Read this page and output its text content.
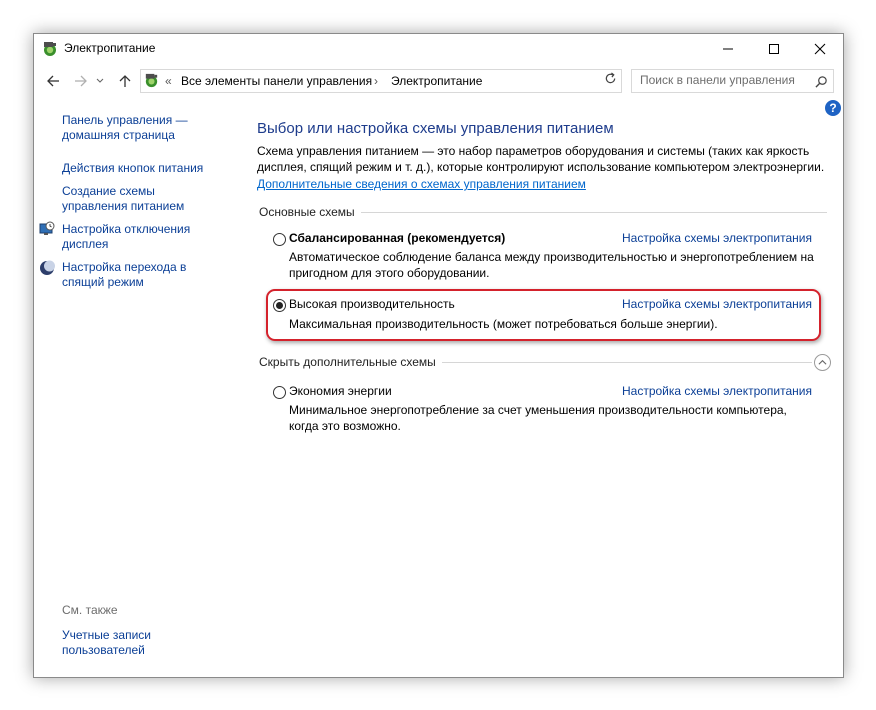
Электропитание
« Все элементы панели управления › Электропитание
Поиск в панели управления
?
Панель управления — домашняя страница
Действия кнопок питания
Создание схемы управления питанием
Настройка отключения дисплея
Настройка перехода в спящий режим
См. также
Учетные записи пользователей
Выбор или настройка схемы управления питанием
Схема управления питанием — это набор параметров оборудования и системы (таких как яркость дисплея, спящий режим и т. д.), которые контролируют использование компьютером электроэнергии.
Дополнительные сведения о схемах управления питанием
Основные схемы
Сбалансированная (рекомендуется)	Настройка схемы электропитания
Автоматическое соблюдение баланса между производительностью и энергопотреблением на пригодном для этого оборудовании.
Высокая производительность	Настройка схемы электропитания
Максимальная производительность (может потребоваться больше энергии).
Скрыть дополнительные схемы
Экономия энергии	Настройка схемы электропитания
Минимальное энергопотребление за счет уменьшения производительности компьютера, когда это возможно.
